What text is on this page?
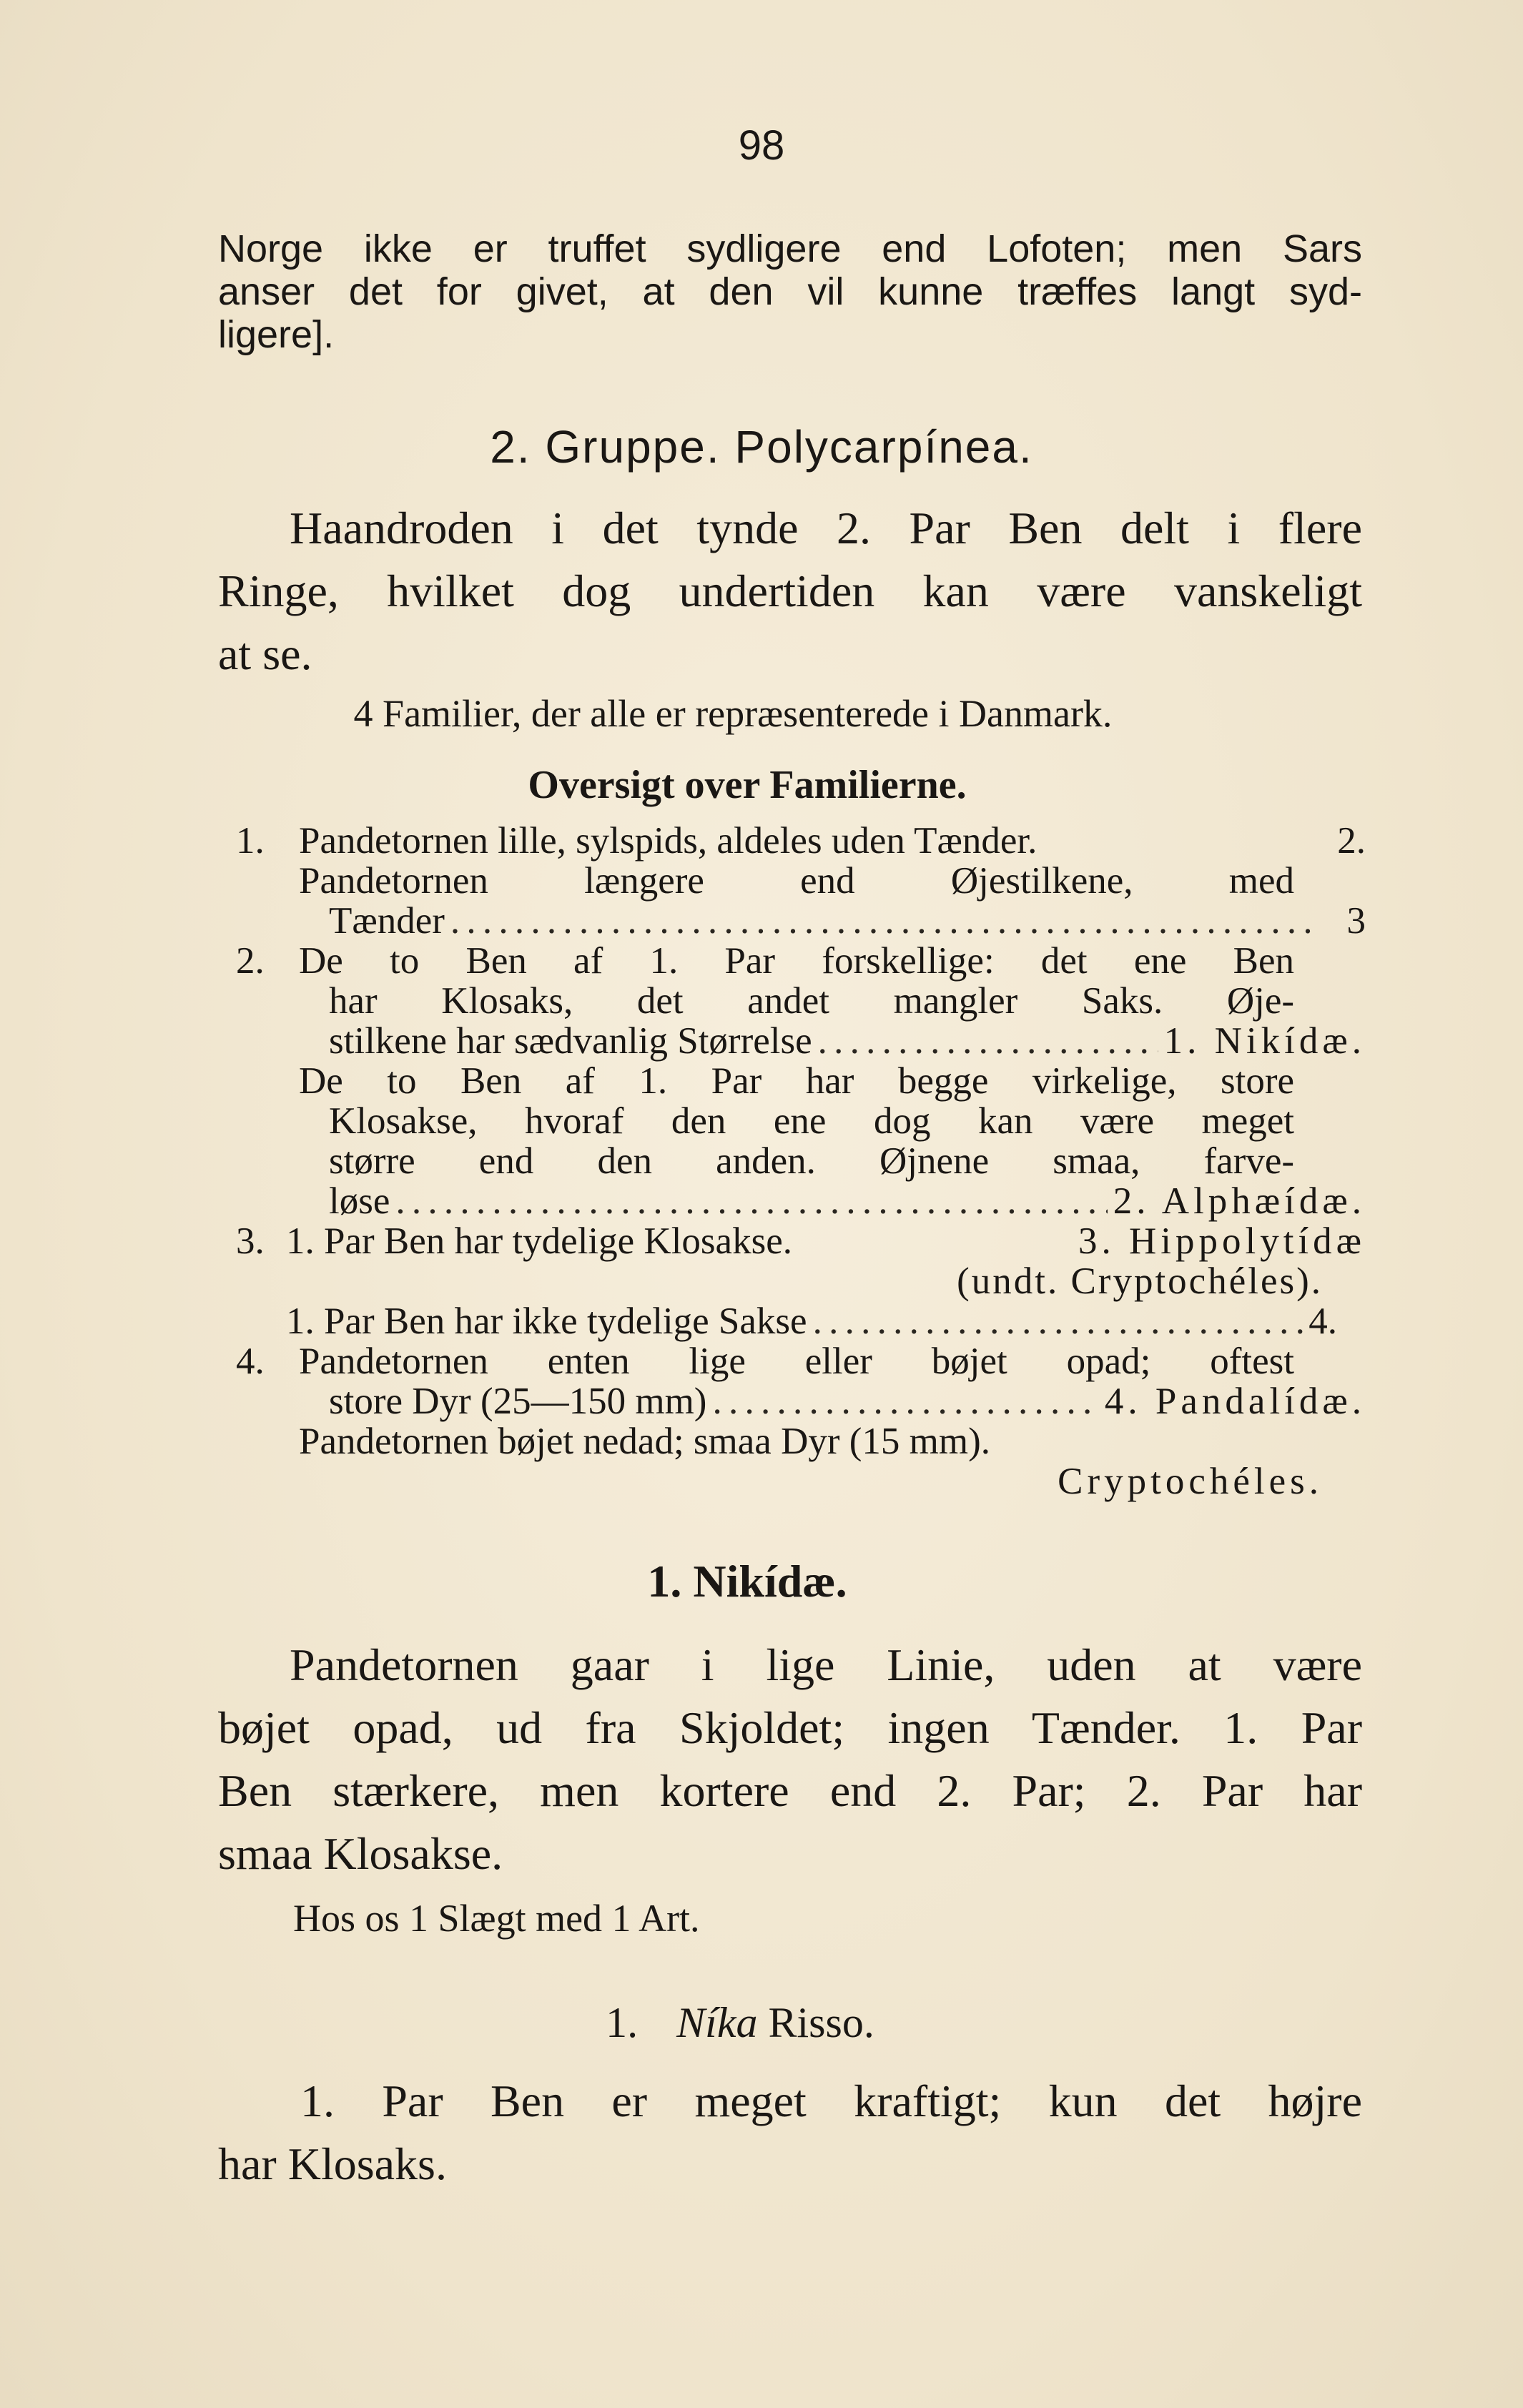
98
Norge ikke er truffet sydligere end Lofoten; men Sars
anser det for givet, at den vil kunne træffes langt syd-
ligere].
2. Gruppe. Polycarpínea.
Haandroden i det tynde 2. Par Ben delt i flere
Ringe, hvilket dog undertiden kan være vanskeligt
at se.
4 Familier, der alle er repræsenterede i Danmark.
Oversigt over Familierne.
1. Pandetornen lille, sylspids, aldeles uden Tænder.	2.
Pandetornen længere end Øjestilkene, med
Tænder . . .	3
2. De to Ben af 1. Par forskellige: det ene Ben
har Klosaks, det andet mangler Saks. Øje-
stilkene har sædvanlig Størrelse . . .	1. Nikídæ.
De to Ben af 1. Par har begge virkelige, store
Klosakse, hvoraf den ene dog kan være meget
større end den anden. Øjnene smaa, farve-
løse . . .	2. Alphæídæ.
3. 1. Par Ben har tydelige Klosakse.	3. Hippolytídæ
(undt. Cryptochéles).
1. Par Ben har ikke tydelige Sakse . . .	4.
4. Pandetornen enten lige eller bøjet opad; oftest
store Dyr (25—150 mm) . . .	4. Pandalídæ.
Pandetornen bøjet nedad; smaa Dyr (15 mm).
Cryptochéles.
1. Nikídæ.
Pandetornen gaar i lige Linie, uden at være
bøjet opad, ud fra Skjoldet; ingen Tænder. 1. Par
Ben stærkere, men kortere end 2. Par; 2. Par har
smaa Klosakse.
Hos os 1 Slægt med 1 Art.
1. Níka Risso.
1. Par Ben er meget kraftigt; kun det højre
har Klosaks.
